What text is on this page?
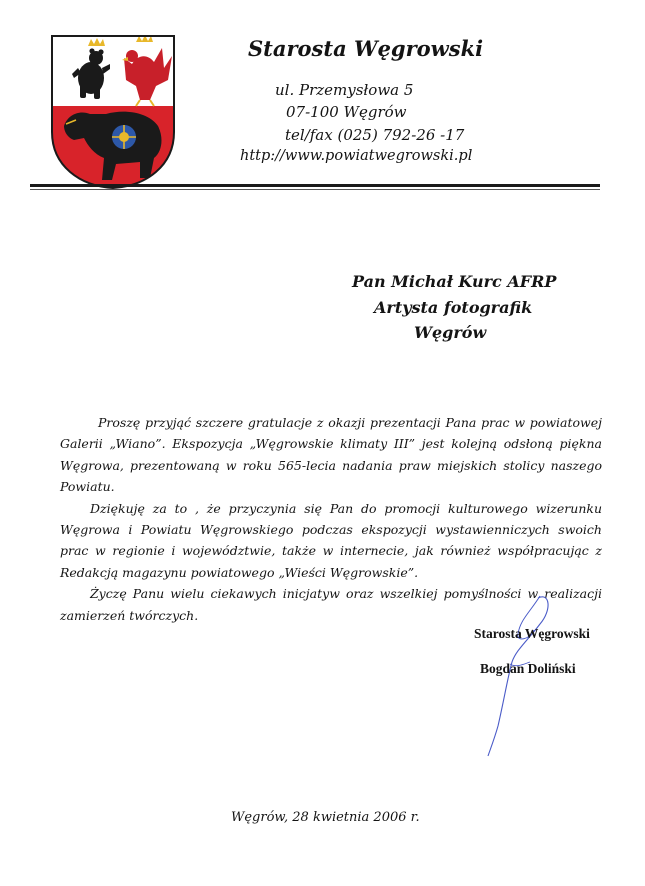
Starosta Węgrowski
ul. Przemysłowa 5
07-100 Węgrów
tel/fax (025) 792-26 -17
http://www.powiatwegrowski.pl
Pan Michał Kurc AFRP
Artysta fotografik
Węgrów

Proszę przyjąć szczere gratulacje z okazji prezentacji Pana prac w powiatowej Galerii „Wiano”. Ekspozycja „Węgrowskie klimaty III” jest kolejną odsłoną piękna Węgrowa, prezentowaną w roku 565-lecia nadania praw miejskich stolicy naszego Powiatu.

Dziękuję za to , że przyczynia się Pan do promocji kulturowego wizerunku Węgrowa i Powiatu Węgrowskiego podczas ekspozycji wystawienniczych swoich prac w regionie i województwie, także w internecie, jak również współpracując z Redakcją magazynu powiatowego „Wieści Węgrowskie”.

Życzę Panu wielu ciekawych inicjatyw oraz wszelkiej pomyślności w realizacji zamierzeń twórczych.

Starosta Węgrowski
Bogdan Doliński
Węgrów, 28 kwietnia 2006 r.
